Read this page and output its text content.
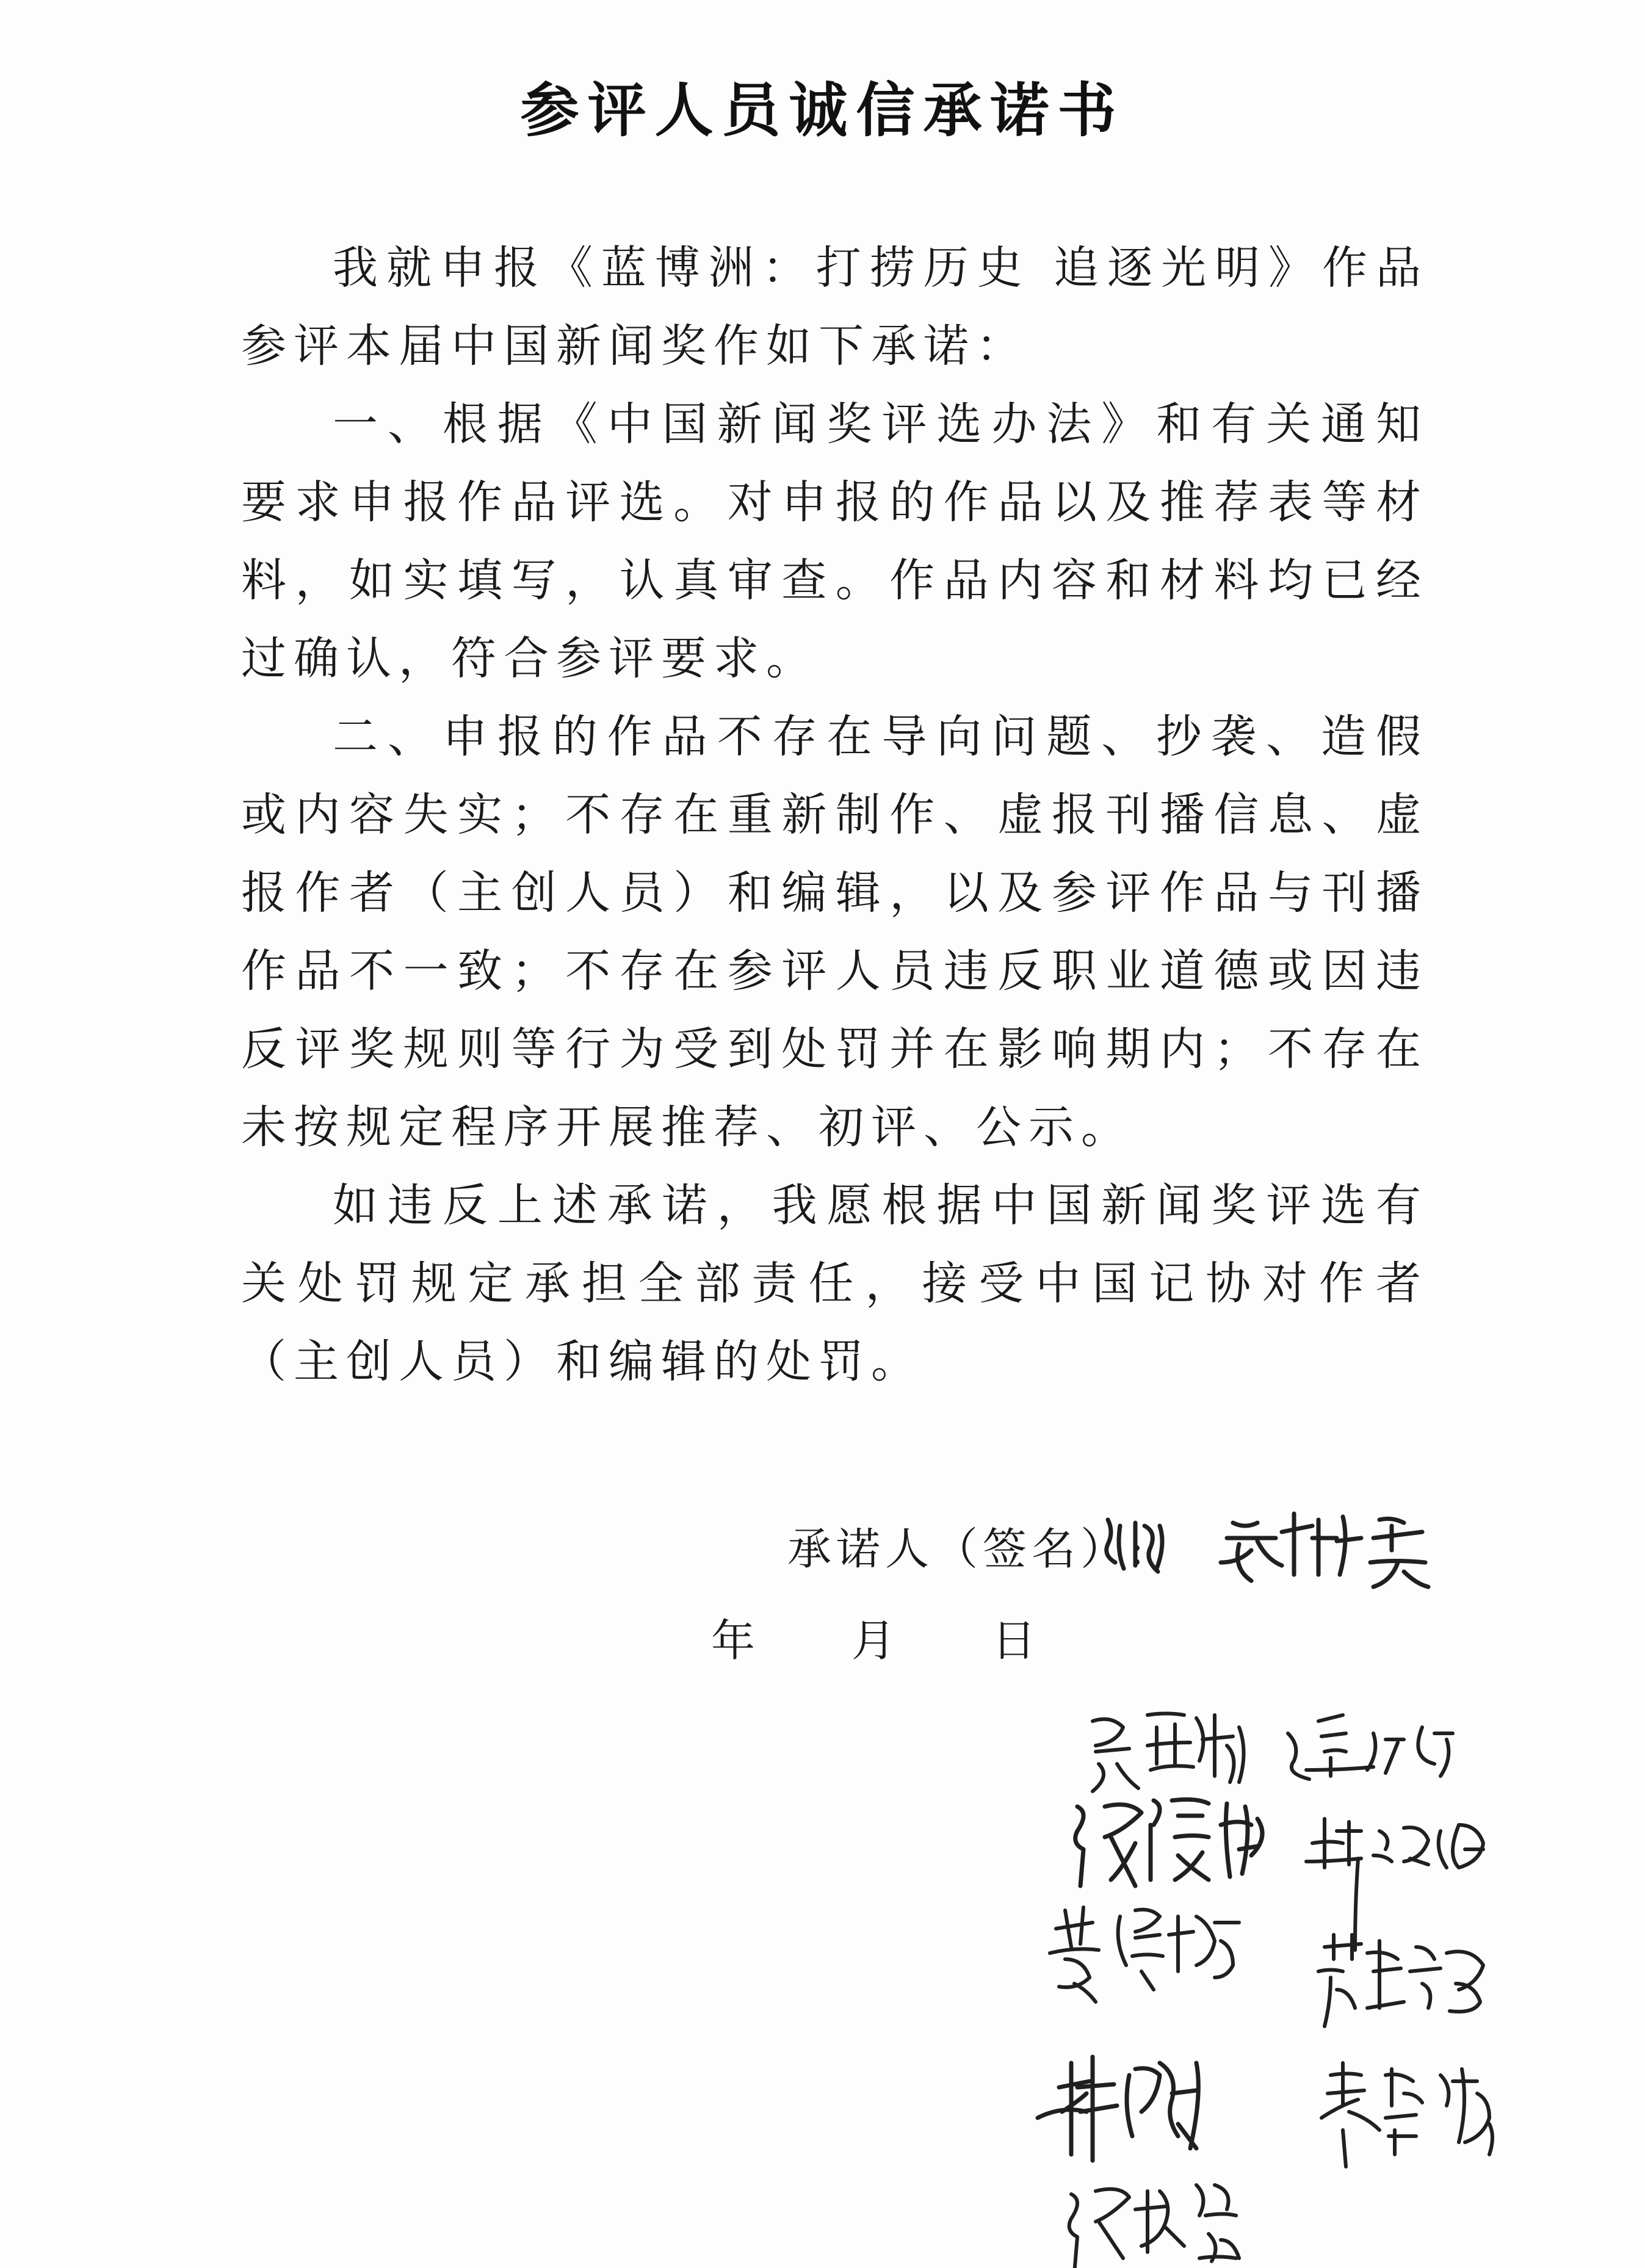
参评人员诚信承诺书

我就申报《蓝博洲：打捞历史 追逐光明》作品参评本届中国新闻奖作如下承诺：

一、根据《中国新闻奖评选办法》和有关通知要求申报作品评选。对申报的作品以及推荐表等材料，如实填写，认真审查。作品内容和材料均已经过确认，符合参评要求。

二、申报的作品不存在导向问题、抄袭、造假或内容失实；不存在重新制作、虚报刊播信息、虚报作者（主创人员）和编辑，以及参评作品与刊播作品不一致；不存在参评人员违反职业道德或因违反评奖规则等行为受到处罚并在影响期内；不存在未按规定程序开展推荐、初评、公示。

如违反上述承诺，我愿根据中国新闻奖评选有关处罚规定承担全部责任，接受中国记协对作者（主创人员）和编辑的处罚。

承诺人（签名）:
年 月 日
